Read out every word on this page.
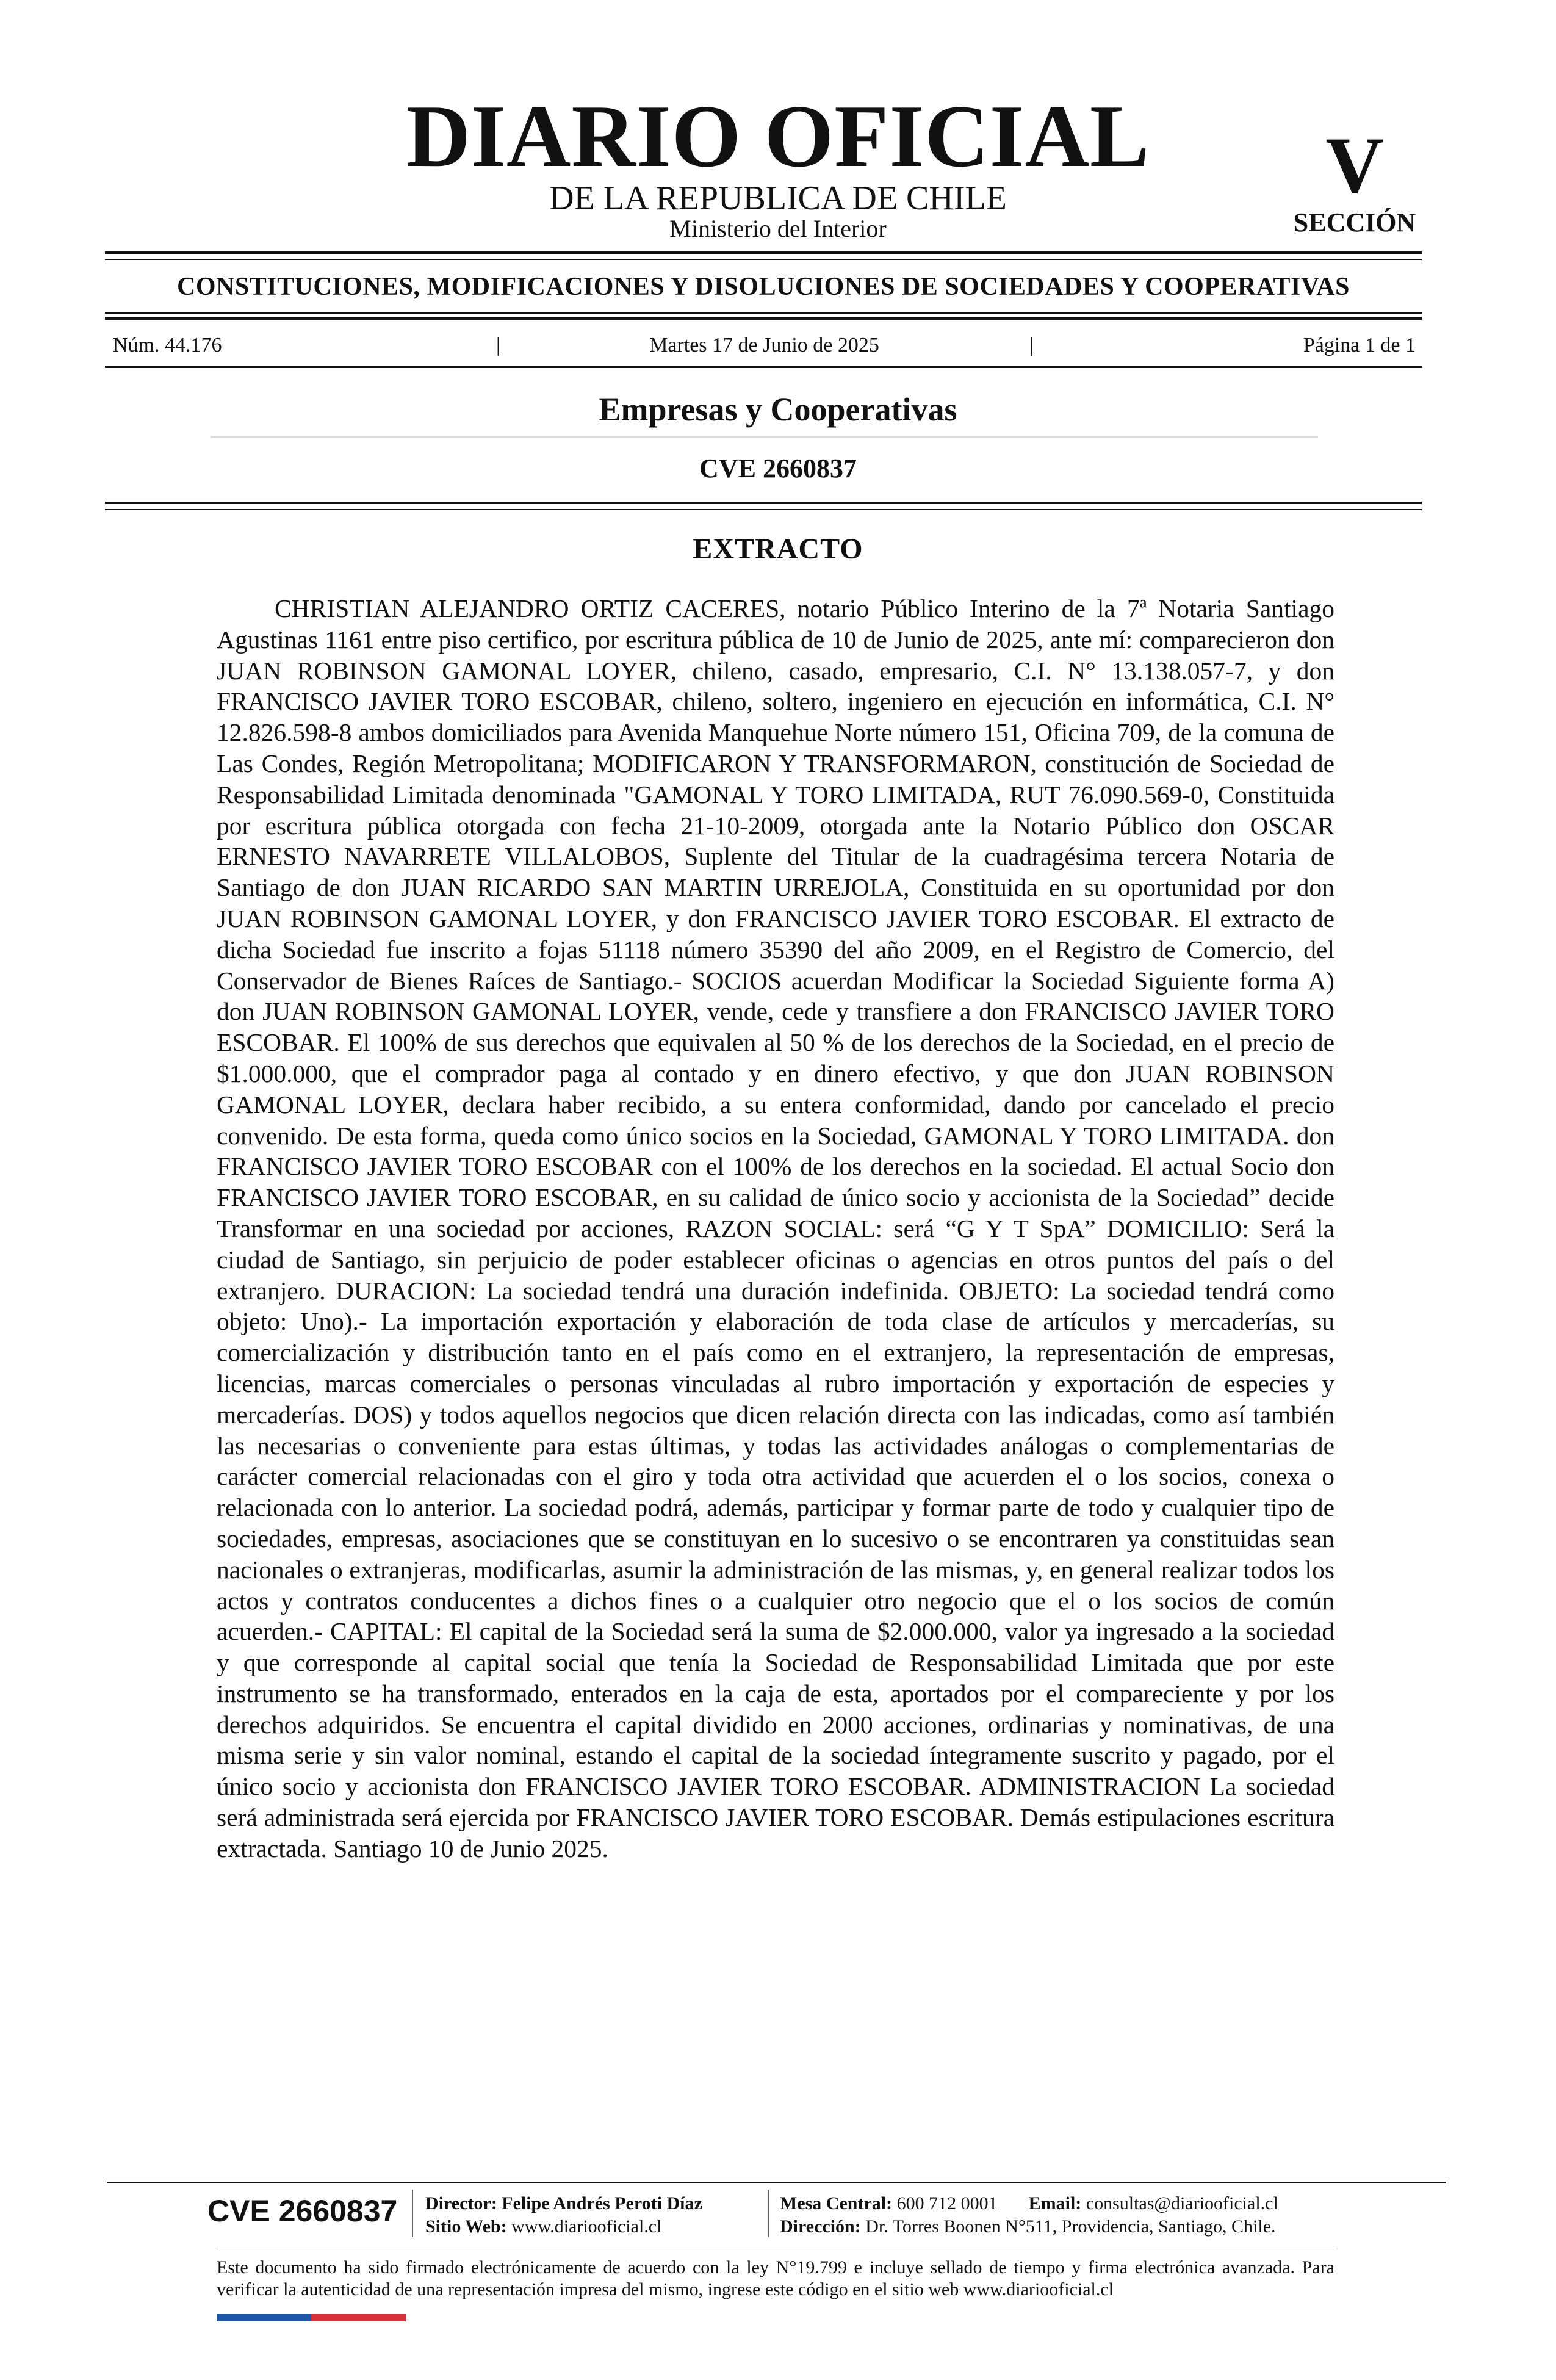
DIARIO OFICIAL
DE LA REPUBLICA DE CHILE
Ministerio del Interior
V
SECCIÓN
CONSTITUCIONES, MODIFICACIONES Y DISOLUCIONES DE SOCIEDADES Y COOPERATIVAS
Núm. 44.176	|	Martes 17 de Junio de 2025	|	Página 1 de 1
Empresas y Cooperativas
CVE 2660837
EXTRACTO
CHRISTIAN ALEJANDRO ORTIZ CACERES, notario Público Interino de la 7ª Notaria Santiago Agustinas 1161 entre piso certifico, por escritura pública de 10 de Junio de 2025, ante mí: comparecieron don JUAN ROBINSON GAMONAL LOYER, chileno, casado, empresario, C.I. N° 13.138.057-7, y don FRANCISCO JAVIER TORO ESCOBAR, chileno, soltero, ingeniero en ejecución en informática, C.I. N° 12.826.598-8 ambos domiciliados para Avenida Manquehue Norte número 151, Oficina 709, de la comuna de Las Condes, Región Metropolitana; MODIFICARON Y TRANSFORMARON, constitución de Sociedad de Responsabilidad Limitada denominada "GAMONAL Y TORO LIMITADA, RUT 76.090.569-0, Constituida por escritura pública otorgada con fecha 21-10-2009, otorgada ante la Notario Público don OSCAR ERNESTO NAVARRETE VILLALOBOS, Suplente del Titular de la cuadragésima tercera Notaria de Santiago de don JUAN RICARDO SAN MARTIN URREJOLA, Constituida en su oportunidad por don JUAN ROBINSON GAMONAL LOYER, y don FRANCISCO JAVIER TORO ESCOBAR. El extracto de dicha Sociedad fue inscrito a fojas 51118 número 35390 del año 2009, en el Registro de Comercio, del Conservador de Bienes Raíces de Santiago.- SOCIOS acuerdan Modificar la Sociedad Siguiente forma A) don JUAN ROBINSON GAMONAL LOYER, vende, cede y transfiere a don FRANCISCO JAVIER TORO ESCOBAR. El 100% de sus derechos que equivalen al 50 % de los derechos de la Sociedad, en el precio de $1.000.000, que el comprador paga al contado y en dinero efectivo, y que don JUAN ROBINSON GAMONAL LOYER, declara haber recibido, a su entera conformidad, dando por cancelado el precio convenido. De esta forma, queda como único socios en la Sociedad, GAMONAL Y TORO LIMITADA. don FRANCISCO JAVIER TORO ESCOBAR con el 100% de los derechos en la sociedad. El actual Socio don FRANCISCO JAVIER TORO ESCOBAR, en su calidad de único socio y accionista de la Sociedad” decide Transformar en una sociedad por acciones, RAZON SOCIAL: será “G Y T SpA” DOMICILIO: Será la ciudad de Santiago, sin perjuicio de poder establecer oficinas o agencias en otros puntos del país o del extranjero. DURACION: La sociedad tendrá una duración indefinida. OBJETO: La sociedad tendrá como objeto: Uno).- La importación exportación y elaboración de toda clase de artículos y mercaderías, su comercialización y distribución tanto en el país como en el extranjero, la representación de empresas, licencias, marcas comerciales o personas vinculadas al rubro importación y exportación de especies y mercaderías. DOS) y todos aquellos negocios que dicen relación directa con las indicadas, como así también las necesarias o conveniente para estas últimas, y todas las actividades análogas o complementarias de carácter comercial relacionadas con el giro y toda otra actividad que acuerden el o los socios, conexa o relacionada con lo anterior. La sociedad podrá, además, participar y formar parte de todo y cualquier tipo de sociedades, empresas, asociaciones que se constituyan en lo sucesivo o se encontraren ya constituidas sean nacionales o extranjeras, modificarlas, asumir la administración de las mismas, y, en general realizar todos los actos y contratos conducentes a dichos fines o a cualquier otro negocio que el o los socios de común acuerden.- CAPITAL: El capital de la Sociedad será la suma de $2.000.000, valor ya ingresado a la sociedad y que corresponde al capital social que tenía la Sociedad de Responsabilidad Limitada que por este instrumento se ha transformado, enterados en la caja de esta, aportados por el compareciente y por los derechos adquiridos. Se encuentra el capital dividido en 2000 acciones, ordinarias y nominativas, de una misma serie y sin valor nominal, estando el capital de la sociedad íntegramente suscrito y pagado, por el único socio y accionista don FRANCISCO JAVIER TORO ESCOBAR. ADMINISTRACION La sociedad será administrada será ejercida por FRANCISCO JAVIER TORO ESCOBAR. Demás estipulaciones escritura extractada. Santiago 10 de Junio 2025.
CVE 2660837 Director: Felipe Andrés Peroti Díaz
Sitio Web: www.diariooficial.cl
Mesa Central: 600 712 0001 Email: consultas@diariooficial.cl
Dirección: Dr. Torres Boonen N°511, Providencia, Santiago, Chile.
Este documento ha sido firmado electrónicamente de acuerdo con la ley N°19.799 e incluye sellado de tiempo y firma electrónica avanzada. Para verificar la autenticidad de una representación impresa del mismo, ingrese este código en el sitio web www.diariooficial.cl
